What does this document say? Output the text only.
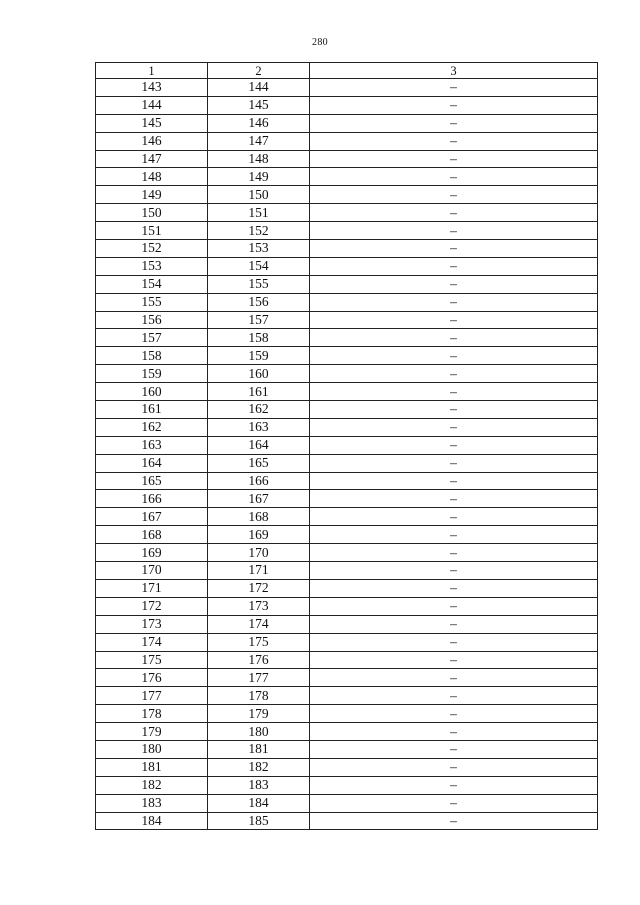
280
1	2	3
143	144	–
144	145	–
145	146	–
146	147	–
147	148	–
148	149	–
149	150	–
150	151	–
151	152	–
152	153	–
153	154	–
154	155	–
155	156	–
156	157	–
157	158	–
158	159	–
159	160	–
160	161	–
161	162	–
162	163	–
163	164	–
164	165	–
165	166	–
166	167	–
167	168	–
168	169	–
169	170	–
170	171	–
171	172	–
172	173	–
173	174	–
174	175	–
175	176	–
176	177	–
177	178	–
178	179	–
179	180	–
180	181	–
181	182	–
182	183	–
183	184	–
184	185	–
